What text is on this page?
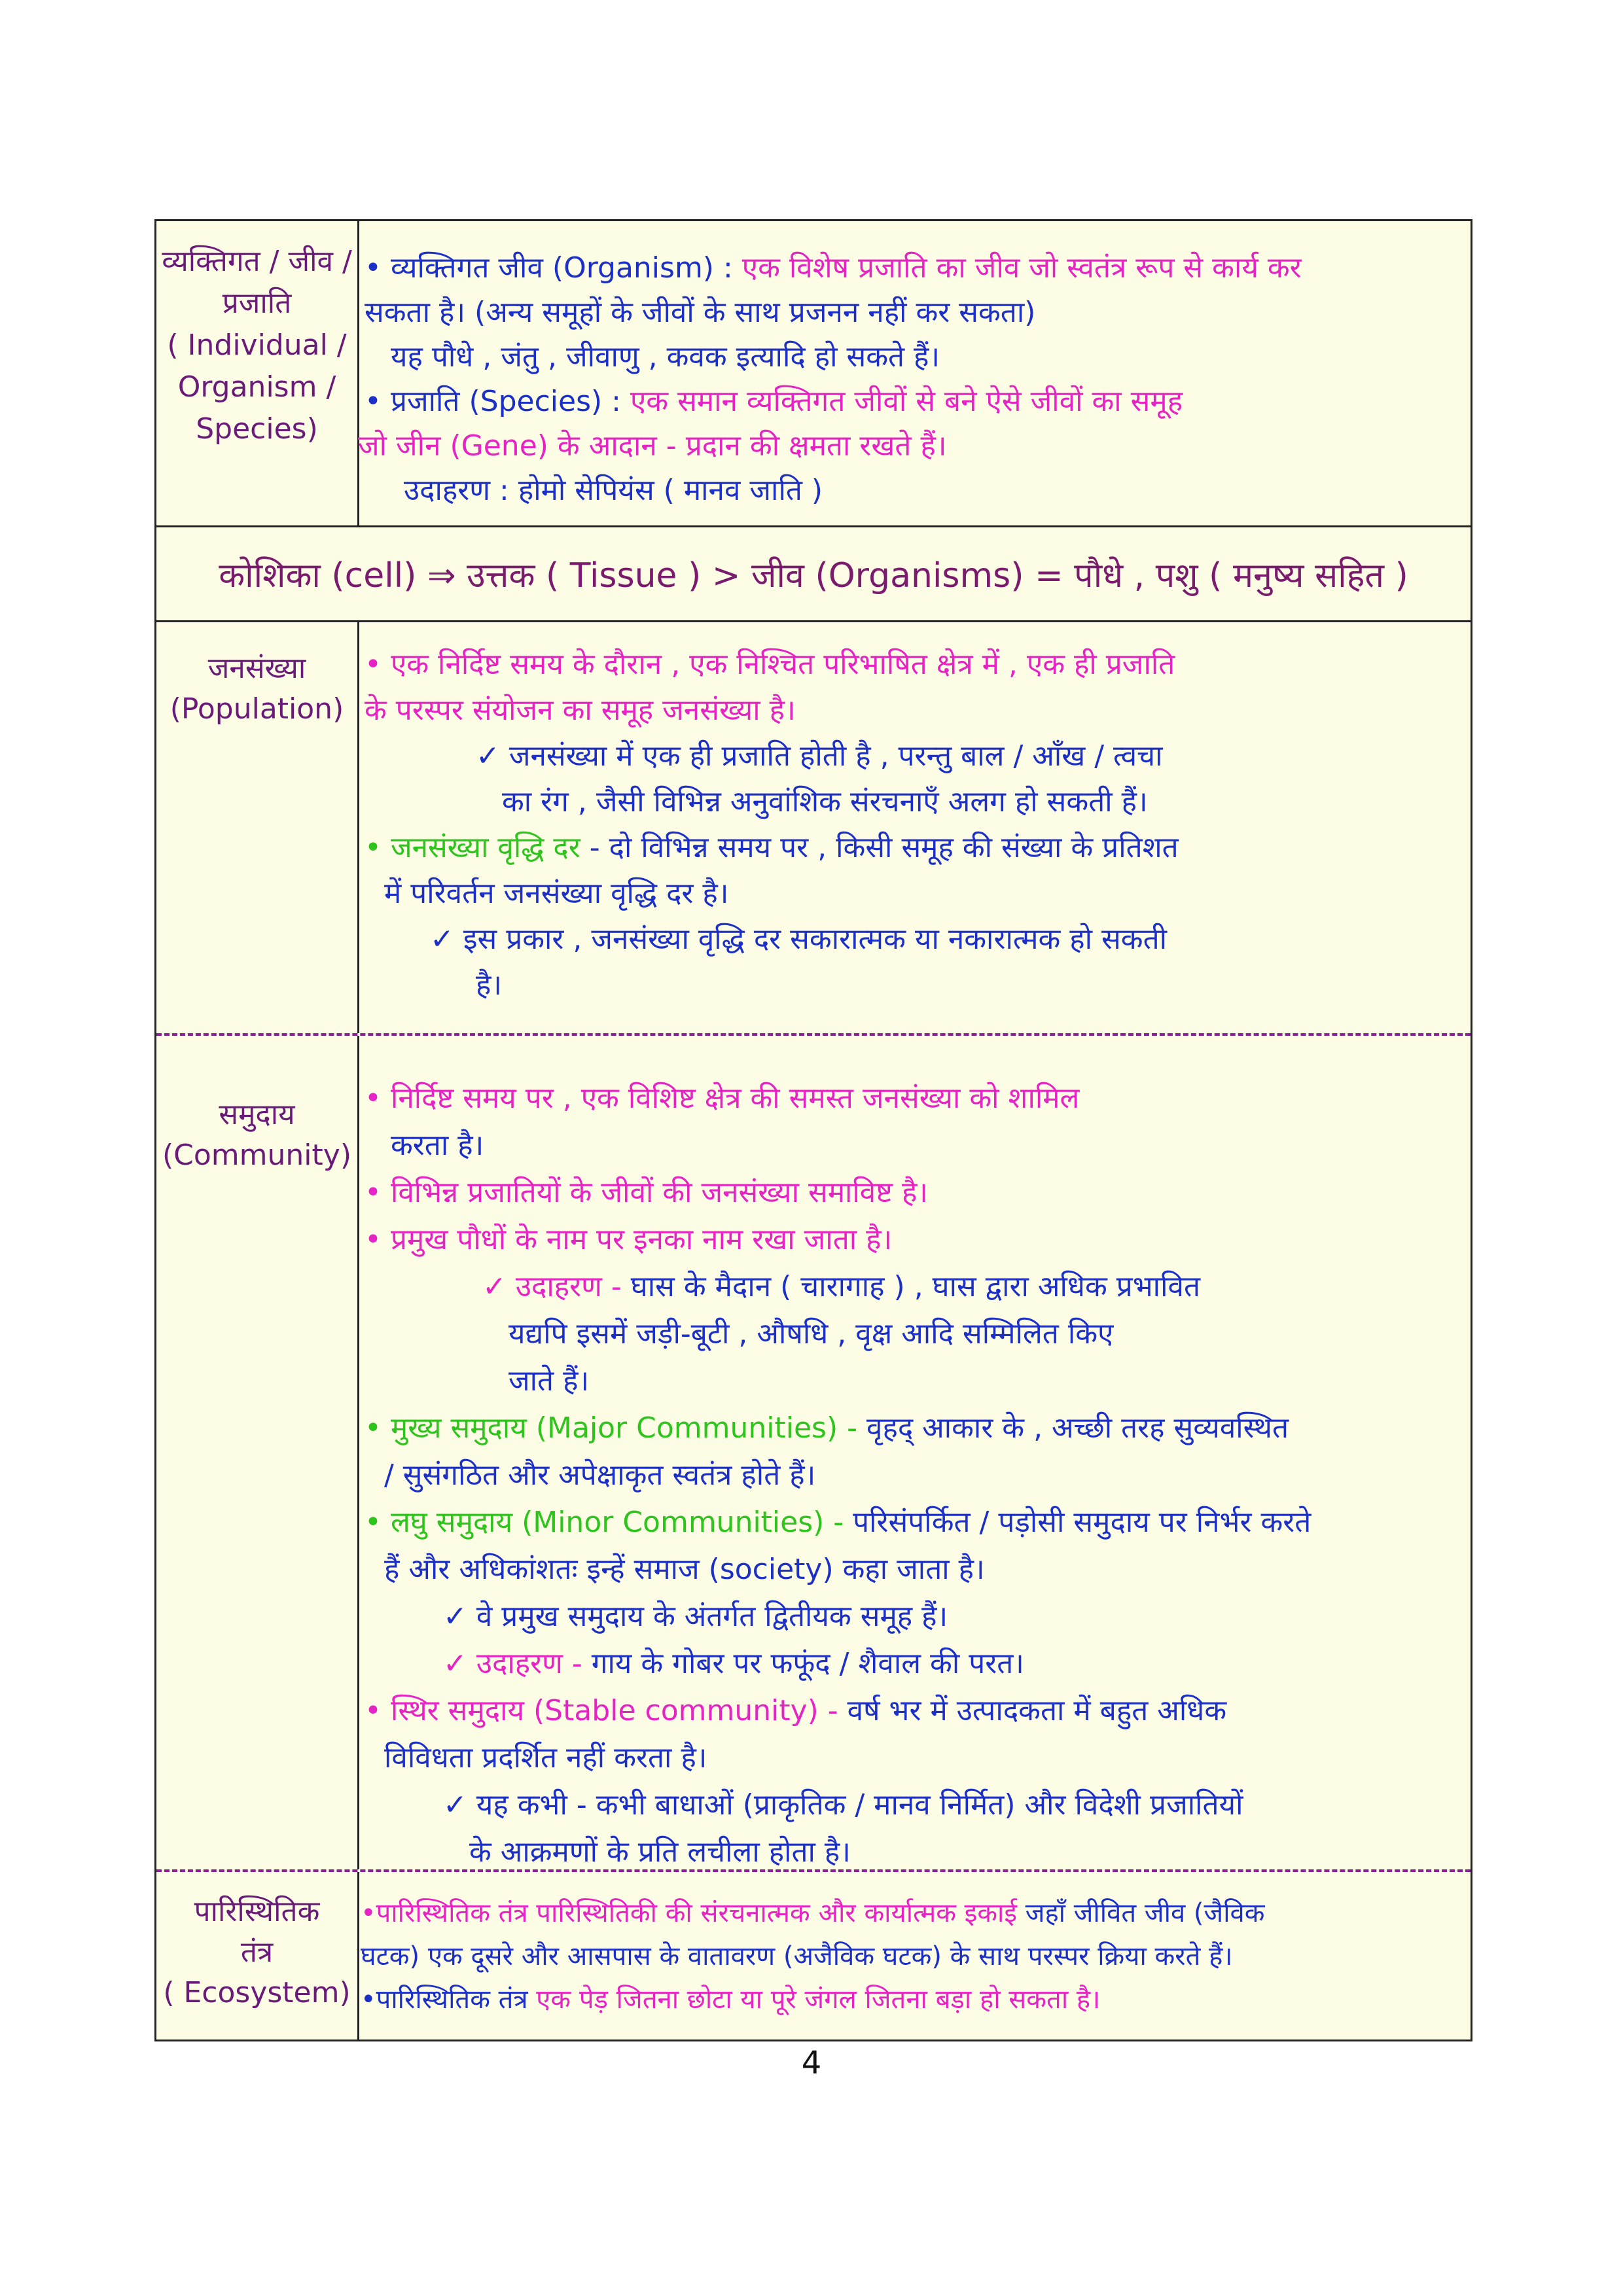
व्यक्तिगत / जीव /
प्रजाति
( Individual /
Organism /
Species)

• व्यक्तिगत जीव (Organism) : एक विशेष प्रजाति का जीव जो स्वतंत्र रूप से कार्य कर

सकता है। (अन्य समूहों के जीवों के साथ प्रजनन नहीं कर सकता)

यह पौधे , जंतु , जीवाणु , कवक इत्यादि हो सकते हैं।

• प्रजाति (Species) : एक समान व्यक्तिगत जीवों से बने ऐसे जीवों का समूह

जो जीन (Gene) के आदान - प्रदान की क्षमता रखते हैं।

उदाहरण : होमो सेपियंस ( मानव जाति )

कोशिका (cell) ⇒ उत्तक ( Tissue ) > जीव (Organisms) = पौधे , पशु ( मनुष्य सहित )
जनसंख्या
(Population)

• एक निर्दिष्ट समय के दौरान , एक निश्चित परिभाषित क्षेत्र में , एक ही प्रजाति

के परस्पर संयोजन का समूह जनसंख्या है।

✓ जनसंख्या में एक ही प्रजाति होती है , परन्तु बाल / आँख / त्वचा

का रंग , जैसी विभिन्न अनुवांशिक संरचनाएँ अलग हो सकती हैं।

• जनसंख्या वृद्धि दर - दो विभिन्न समय पर , किसी समूह की संख्या के प्रतिशत

में परिवर्तन जनसंख्या वृद्धि दर है।

✓ इस प्रकार , जनसंख्या वृद्धि दर सकारात्मक या नकारात्मक हो सकती

है।

समुदाय
(Community)

• निर्दिष्ट समय पर , एक विशिष्ट क्षेत्र की समस्त जनसंख्या को शामिल

करता है।

• विभिन्न प्रजातियों के जीवों की जनसंख्या समाविष्ट है।

• प्रमुख पौधों के नाम पर इनका नाम रखा जाता है।

✓ उदाहरण - घास के मैदान ( चारागाह ) , घास द्वारा अधिक प्रभावित

यद्यपि इसमें जड़ी-बूटी , औषधि , वृक्ष आदि सम्मिलित किए

जाते हैं।

• मुख्य समुदाय (Major Communities) - वृहद् आकार के , अच्छी तरह सुव्यवस्थित

/ सुसंगठित और अपेक्षाकृत स्वतंत्र होते हैं।

• लघु समुदाय (Minor Communities) - परिसंपर्कित / पड़ोसी समुदाय पर निर्भर करते

हैं और अधिकांशतः इन्हें समाज (society) कहा जाता है।

✓ वे प्रमुख समुदाय के अंतर्गत द्वितीयक समूह हैं।

✓ उदाहरण - गाय के गोबर पर फफूंद / शैवाल की परत।

• स्थिर समुदाय (Stable community) - वर्ष भर में उत्पादकता में बहुत अधिक

विविधता प्रदर्शित नहीं करता है।

✓ यह कभी - कभी बाधाओं (प्राकृतिक / मानव निर्मित) और विदेशी प्रजातियों

के आक्रमणों के प्रति लचीला होता है।

पारिस्थितिक
तंत्र
( Ecosystem)

•पारिस्थितिक तंत्र पारिस्थितिकी की संरचनात्मक और कार्यात्मक इकाई जहाँ जीवित जीव (जैविक

घटक) एक दूसरे और आसपास के वातावरण (अजैविक घटक) के साथ परस्पर क्रिया करते हैं।

•पारिस्थितिक तंत्र एक पेड़ जितना छोटा या पूरे जंगल जितना बड़ा हो सकता है।

4
